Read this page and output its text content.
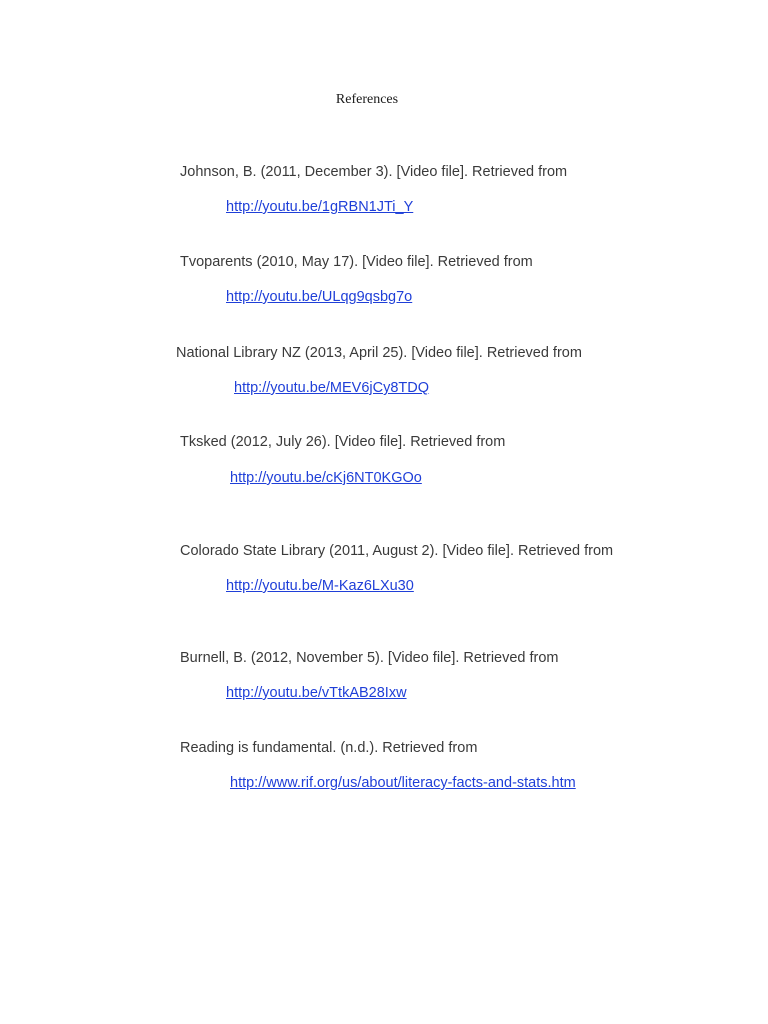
References
Johnson, B. (2011, December 3). [Video file]. Retrieved from
http://youtu.be/1gRBN1JTi_Y
Tvoparents (2010, May 17). [Video file]. Retrieved from
http://youtu.be/ULqg9qsbg7o
National Library NZ (2013, April 25). [Video file]. Retrieved from
http://youtu.be/MEV6jCy8TDQ
Tksked (2012, July 26). [Video file]. Retrieved from
http://youtu.be/cKj6NT0KGOo
Colorado State Library (2011, August 2). [Video file]. Retrieved from
http://youtu.be/M-Kaz6LXu30
Burnell, B. (2012, November 5). [Video file]. Retrieved from
http://youtu.be/vTtkAB28Ixw
Reading is fundamental. (n.d.). Retrieved from
http://www.rif.org/us/about/literacy-facts-and-stats.htm
